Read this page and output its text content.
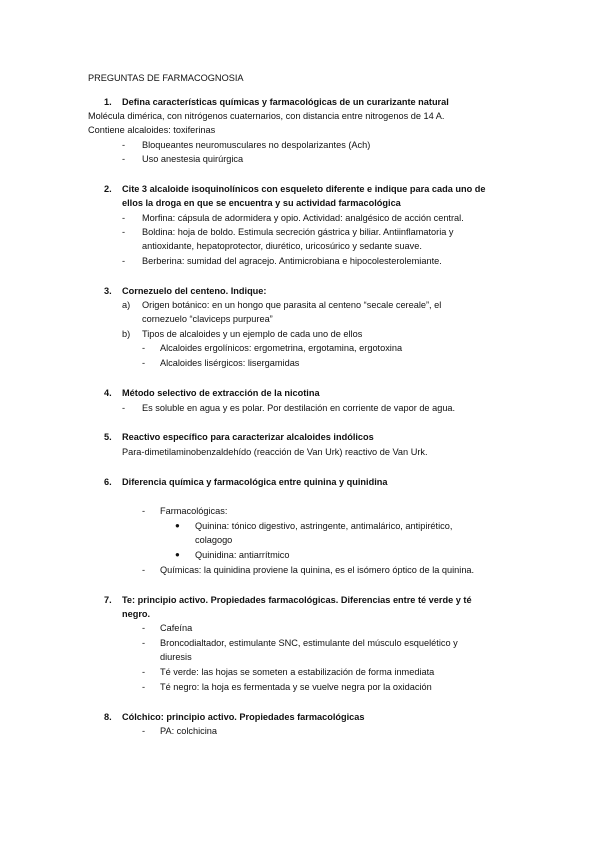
PREGUNTAS DE FARMACOGNOSIA
1. Defina características químicas y farmacológicas de un curarizante natural
Molécula dimérica, con nitrógenos cuaternarios, con distancia entre nitrogenos de 14 A.
Contiene alcaloides: toxiferinas
- Bloqueantes neuromusculares no despolarizantes (Ach)
- Uso anestesia quirúrgica
2. Cite 3 alcaloide isoquinolínicos con esqueleto diferente e indique para cada uno de
ellos la droga en que se encuentra y su actividad farmacológica
- Morfina: cápsula de adormidera y opio. Actividad: analgésico de acción central.
- Boldina: hoja de boldo. Estimula secreción gástrica y biliar. Antiinflamatoria y
antioxidante, hepatoprotector, diurético, uricosúrico y sedante suave.
- Berberina: sumidad del agracejo. Antimicrobiana e hipocolesterolemiante.
3. Cornezuelo del centeno. Indique:
a) Origen botánico: en un hongo que parasita al centeno “secale cereale”, el
cornezuelo “claviceps purpurea”
b) Tipos de alcaloides y un ejemplo de cada uno de ellos
- Alcaloides ergolínicos: ergometrina, ergotamina, ergotoxina
- Alcaloides lisérgicos: lisergamidas
4. Método selectivo de extracción de la nicotina
- Es soluble en agua y es polar. Por destilación en corriente de vapor de agua.
5. Reactivo específico para caracterizar alcaloides indólicos
Para-dimetilaminobenzaldehído (reacción de Van Urk) reactivo de Van Urk.
6. Diferencia química y farmacológica entre quinina y quinidina
- Farmacológicas:
● Quinina: tónico digestivo, astringente, antimalárico, antipirético,
colagogo
● Quinidina: antiarrítmico
- Químicas: la quinidina proviene la quinina, es el isómero óptico de la quinina.
7. Te: principio activo. Propiedades farmacológicas. Diferencias entre té verde y té
negro.
- Cafeína
- Broncodialtador, estimulante SNC, estimulante del músculo esquelético y
diuresis
- Té verde: las hojas se someten a estabilización de forma inmediata
- Té negro: la hoja es fermentada y se vuelve negra por la oxidación
8. Cólchico: principio activo. Propiedades farmacológicas
- PA: colchicina
